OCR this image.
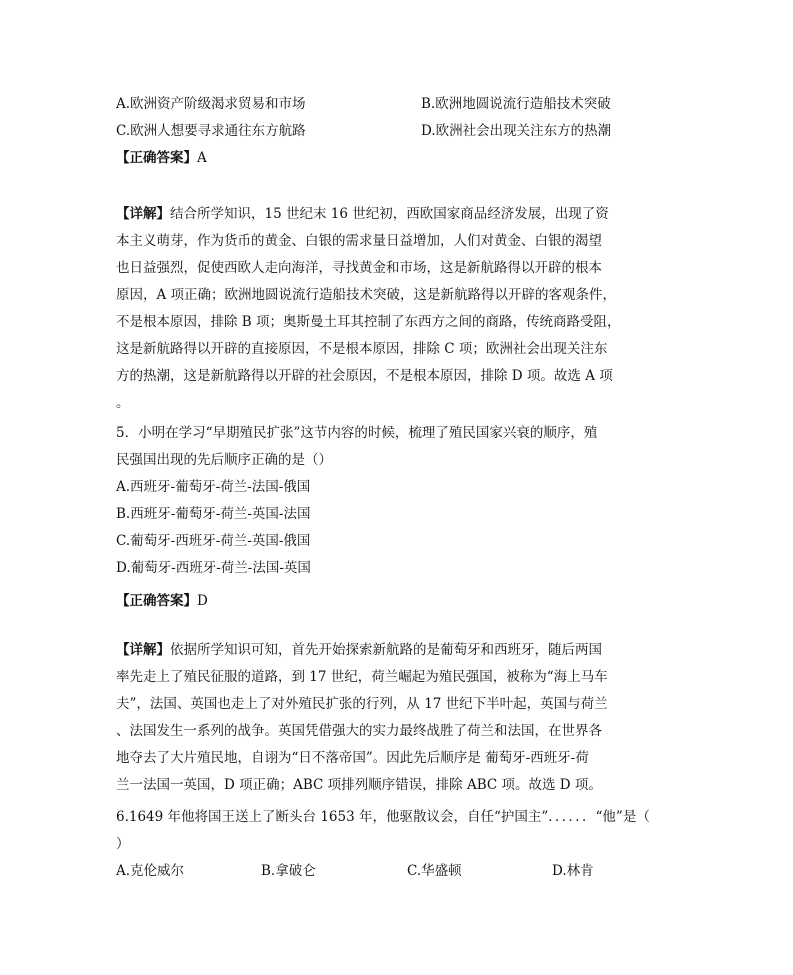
A.欧洲资产阶级渴求贸易和市场	B.欧洲地圆说流行造船技术突破
C.欧洲人想要寻求通往东方航路	D.欧洲社会出现关注东方的热潮
【正确答案】A
【详解】结合所学知识，15 世纪末 16 世纪初，西欧国家商品经济发展，出现了资
本主义萌芽，作为货币的黄金、白银的需求量日益增加，人们对黄金、白银的渴望
也日益强烈，促使西欧人走向海洋，寻找黄金和市场，这是新航路得以开辟的根本
原因，A 项正确；欧洲地圆说流行造船技术突破，这是新航路得以开辟的客观条件，
不是根本原因，排除 B 项；奥斯曼土耳其控制了东西方之间的商路，传统商路受阻，
这是新航路得以开辟的直接原因，不是根本原因，排除 C 项；欧洲社会出现关注东
方的热潮，这是新航路得以开辟的社会原因，不是根本原因，排除 D 项。故选 A 项
。
5．小明在学习“早期殖民扩张”这节内容的时候，梳理了殖民国家兴衰的顺序，殖
民强国出现的先后顺序正确的是（）
A.西班牙-葡萄牙-荷兰-法国-俄国
B.西班牙-葡萄牙-荷兰-英国-法国
C.葡萄牙-西班牙-荷兰-英国-俄国
D.葡萄牙-西班牙-荷兰-法国-英国
【正确答案】D
【详解】依据所学知识可知，首先开始探索新航路的是葡萄牙和西班牙，随后两国
率先走上了殖民征服的道路，到 17 世纪，荷兰崛起为殖民强国，被称为“海上马车
夫”，法国、英国也走上了对外殖民扩张的行列，从 17 世纪下半叶起，英国与荷兰
、法国发生一系列的战争。英国凭借强大的实力最终战胜了荷兰和法国，在世界各
地夺去了大片殖民地，自诩为“日不落帝国”。因此先后顺序是 葡萄牙-西班牙-荷
兰一法国一英国，D 项正确；ABC 项排列顺序错误，排除 ABC 项。故选 D 项。
6.1649 年他将国王送上了断头台 1653 年，他驱散议会，自任“护国主”．．．．．．“他”是（
）
A.克伦威尔	B.拿破仑	C.华盛顿	D.林肯
